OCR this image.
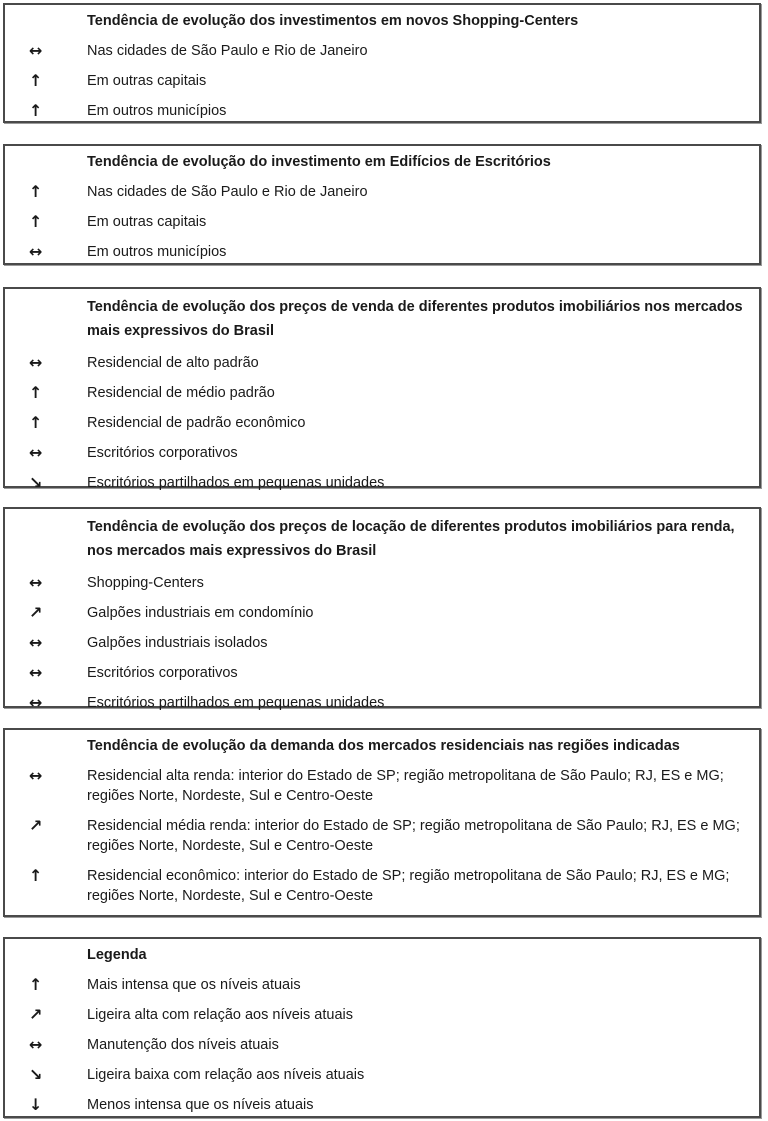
Tendência de evolução dos investimentos em novos Shopping-Centers
↔	Nas cidades de São Paulo e Rio de Janeiro
↑	Em outras capitais
↑	Em outros municípios
Tendência de evolução do investimento em Edifícios de Escritórios
↑	Nas cidades de São Paulo e Rio de Janeiro
↑	Em outras capitais
↔	Em outros municípios
Tendência de evolução dos preços de venda de diferentes produtos imobiliários nos mercados mais expressivos do Brasil
↔	Residencial de alto padrão
↑	Residencial de médio padrão
↑	Residencial de padrão econômico
↔	Escritórios corporativos
↘	Escritórios partilhados em pequenas unidades
Tendência de evolução dos preços de locação de diferentes produtos imobiliários para renda, nos mercados mais expressivos do Brasil
↔	Shopping-Centers
↗	Galpões industriais em condomínio
↔	Galpões industriais isolados
↔	Escritórios corporativos
↔	Escritórios partilhados em pequenas unidades
Tendência de evolução da demanda dos mercados residenciais nas regiões indicadas
↔	Residencial alta renda: interior do Estado de SP; região metropolitana de São Paulo; RJ, ES e MG; regiões Norte, Nordeste, Sul e Centro-Oeste
↗	Residencial média renda: interior do Estado de SP; região metropolitana de São Paulo; RJ, ES e MG; regiões Norte, Nordeste, Sul e Centro-Oeste
↑	Residencial econômico: interior do Estado de SP; região metropolitana de São Paulo; RJ, ES e MG; regiões Norte, Nordeste, Sul e Centro-Oeste
Legenda
↑	Mais intensa que os níveis atuais
↗	Ligeira alta com relação aos níveis atuais
↔	Manutenção dos níveis atuais
↘	Ligeira baixa com relação aos níveis atuais
↓	Menos intensa que os níveis atuais
